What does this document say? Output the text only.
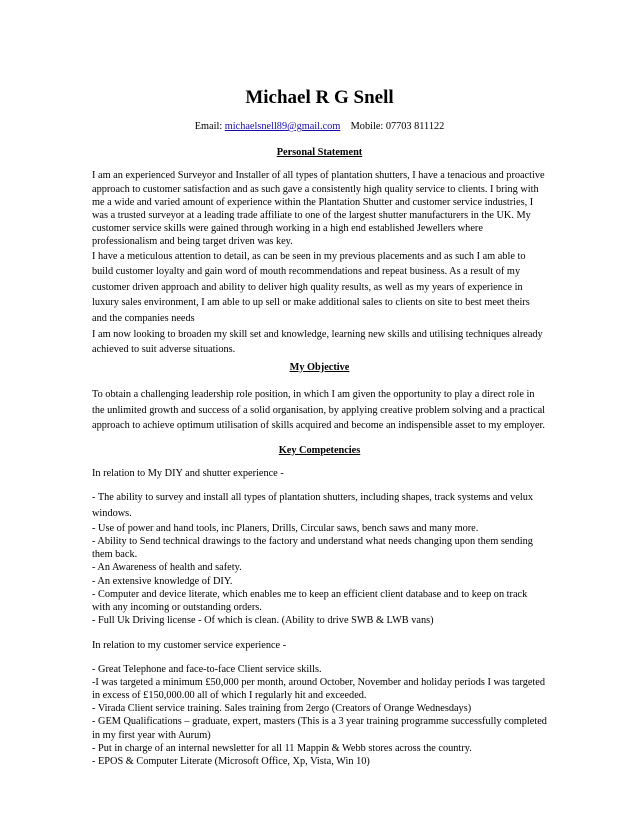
Michael R G Snell
Email: michaelsnell89@gmail.com Mobile: 07703 811122
Personal Statement

I am an experienced Surveyor and Installer of all types of plantation shutters, I have a tenacious and proactive approach to customer satisfaction and as such gave a consistently high quality service to clients. I bring with me a wide and varied amount of experience within the Plantation Shutter and customer service industries, I was a trusted surveyor at a leading trade affiliate to one of the largest shutter manufacturers in the UK. My customer service skills were gained through working in a high end established Jewellers where professionalism and being target driven was key.

I have a meticulous attention to detail, as can be seen in my previous placements and as such I am able to build customer loyalty and gain word of mouth recommendations and repeat business. As a result of my customer driven approach and ability to deliver high quality results, as well as my years of experience in luxury sales environment, I am able to up sell or make additional sales to clients on site to best meet theirs and the companies needs

I am now looking to broaden my skill set and knowledge, learning new skills and utilising techniques already achieved to suit adverse situations.

My Objective

To obtain a challenging leadership role position, in which I am given the opportunity to play a direct role in the unlimited growth and success of a solid organisation, by applying creative problem solving and a practical approach to achieve optimum utilisation of skills acquired and become an indispensible asset to my employer.

Key Competencies

In relation to My DIY and shutter experience -

- The ability to survey and install all types of plantation shutters, including shapes, track systems and velux windows.

- Use of power and hand tools, inc Planers, Drills, Circular saws, bench saws and many more.

- Ability to Send technical drawings to the factory and understand what needs changing upon them sending them back.

- An Awareness of health and safety.

- An extensive knowledge of DIY.

- Computer and device literate, which enables me to keep an efficient client database and to keep on track with any incoming or outstanding orders.

- Full Uk Driving license - Of which is clean. (Ability to drive SWB & LWB vans)

In relation to my customer service experience -

- Great Telephone and face-to-face Client service skills.

-I was targeted a minimum £50,000 per month, around October, November and holiday periods I was targeted in excess of £150,000.00 all of which I regularly hit and exceeded.

- Virada Client service training. Sales training from 2ergo (Creators of Orange Wednesdays)

- GEM Qualifications – graduate, expert, masters (This is a 3 year training programme successfully completed in my first year with Aurum)

- Put in charge of an internal newsletter for all 11 Mappin & Webb stores across the country.

- EPOS & Computer Literate (Microsoft Office, Xp, Vista, Win 10)
